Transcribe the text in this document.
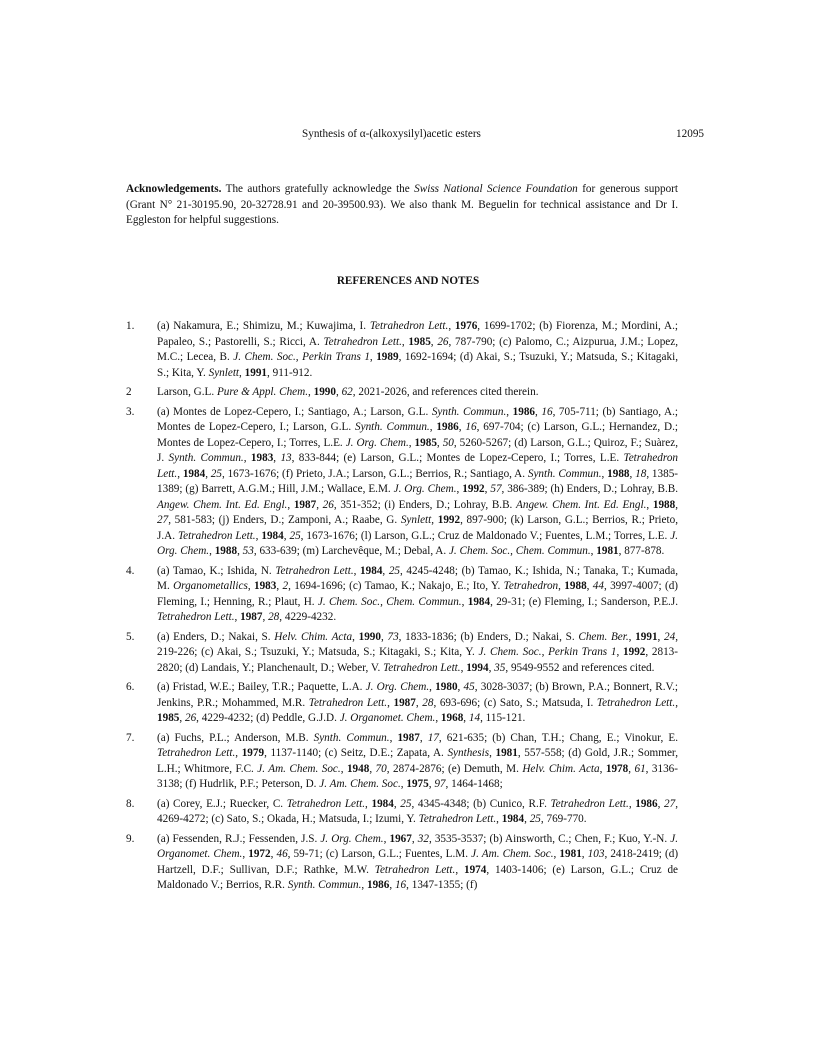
Synthesis of α-(alkoxysilyl)acetic esters	12095

Acknowledgements. The authors gratefully acknowledge the Swiss National Science Foundation for generous support (Grant N° 21-30195.90, 20-32728.91 and 20-39500.93). We also thank M. Beguelin for technical assistance and Dr I. Eggleston for helpful suggestions.

REFERENCES AND NOTES
1. (a) Nakamura, E.; Shimizu, M.; Kuwajima, I. Tetrahedron Lett., 1976, 1699-1702; (b) Fiorenza, M.; Mordini, A.; Papaleo, S.; Pastorelli, S.; Ricci, A. Tetrahedron Lett., 1985, 26, 787-790; (c) Palomo, C.; Aizpurua, J.M.; Lopez, M.C.; Lecea, B. J. Chem. Soc., Perkin Trans 1, 1989, 1692-1694; (d) Akai, S.; Tsuzuki, Y.; Matsuda, S.; Kitagaki, S.; Kita, Y. Synlett, 1991, 911-912.
2 Larson, G.L. Pure & Appl. Chem., 1990, 62, 2021-2026, and references cited therein.
3. (a) Montes de Lopez-Cepero, I.; Santiago, A.; Larson, G.L. Synth. Commun., 1986, 16, 705-711; (b) Santiago, A.; Montes de Lopez-Cepero, I.; Larson, G.L. Synth. Commun., 1986, 16, 697-704; (c) Larson, G.L.; Hernandez, D.; Montes de Lopez-Cepero, I.; Torres, L.E. J. Org. Chem., 1985, 50, 5260-5267; (d) Larson, G.L.; Quiroz, F.; Suàrez, J. Synth. Commun., 1983, 13, 833-844; (e) Larson, G.L.; Montes de Lopez-Cepero, I.; Torres, L.E. Tetrahedron Lett., 1984, 25, 1673-1676; (f) Prieto, J.A.; Larson, G.L.; Berrios, R.; Santiago, A. Synth. Commun., 1988, 18, 1385-1389; (g) Barrett, A.G.M.; Hill, J.M.; Wallace, E.M. J. Org. Chem., 1992, 57, 386-389; (h) Enders, D.; Lohray, B.B. Angew. Chem. Int. Ed. Engl., 1987, 26, 351-352; (i) Enders, D.; Lohray, B.B. Angew. Chem. Int. Ed. Engl., 1988, 27, 581-583; (j) Enders, D.; Zamponi, A.; Raabe, G. Synlett, 1992, 897-900; (k) Larson, G.L.; Berrios, R.; Prieto, J.A. Tetrahedron Lett., 1984, 25, 1673-1676; (l) Larson, G.L.; Cruz de Maldonado V.; Fuentes, L.M.; Torres, L.E. J. Org. Chem., 1988, 53, 633-639; (m) Larchevêque, M.; Debal, A. J. Chem. Soc., Chem. Commun., 1981, 877-878.
4. (a) Tamao, K.; Ishida, N. Tetrahedron Lett., 1984, 25, 4245-4248; (b) Tamao, K.; Ishida, N.; Tanaka, T.; Kumada, M. Organometallics, 1983, 2, 1694-1696; (c) Tamao, K.; Nakajo, E.; Ito, Y. Tetrahedron, 1988, 44, 3997-4007; (d) Fleming, I.; Henning, R.; Plaut, H. J. Chem. Soc., Chem. Commun., 1984, 29-31; (e) Fleming, I.; Sanderson, P.E.J. Tetrahedron Lett., 1987, 28, 4229-4232.
5. (a) Enders, D.; Nakai, S. Helv. Chim. Acta, 1990, 73, 1833-1836; (b) Enders, D.; Nakai, S. Chem. Ber., 1991, 24, 219-226; (c) Akai, S.; Tsuzuki, Y.; Matsuda, S.; Kitagaki, S.; Kita, Y. J. Chem. Soc., Perkin Trans 1, 1992, 2813-2820; (d) Landais, Y.; Planchenault, D.; Weber, V. Tetrahedron Lett., 1994, 35, 9549-9552 and references cited.
6. (a) Fristad, W.E.; Bailey, T.R.; Paquette, L.A. J. Org. Chem., 1980, 45, 3028-3037; (b) Brown, P.A.; Bonnert, R.V.; Jenkins, P.R.; Mohammed, M.R. Tetrahedron Lett., 1987, 28, 693-696; (c) Sato, S.; Matsuda, I. Tetrahedron Lett., 1985, 26, 4229-4232; (d) Peddle, G.J.D. J. Organomet. Chem., 1968, 14, 115-121.
7. (a) Fuchs, P.L.; Anderson, M.B. Synth. Commun., 1987, 17, 621-635; (b) Chan, T.H.; Chang, E.; Vinokur, E. Tetrahedron Lett., 1979, 1137-1140; (c) Seitz, D.E.; Zapata, A. Synthesis, 1981, 557-558; (d) Gold, J.R.; Sommer, L.H.; Whitmore, F.C. J. Am. Chem. Soc., 1948, 70, 2874-2876; (e) Demuth, M. Helv. Chim. Acta, 1978, 61, 3136-3138; (f) Hudrlik, P.F.; Peterson, D. J. Am. Chem. Soc., 1975, 97, 1464-1468;
8. (a) Corey, E.J.; Ruecker, C. Tetrahedron Lett., 1984, 25, 4345-4348; (b) Cunico, R.F. Tetrahedron Lett., 1986, 27, 4269-4272; (c) Sato, S.; Okada, H.; Matsuda, I.; Izumi, Y. Tetrahedron Lett., 1984, 25, 769-770.
9. (a) Fessenden, R.J.; Fessenden, J.S. J. Org. Chem., 1967, 32, 3535-3537; (b) Ainsworth, C.; Chen, F.; Kuo, Y.-N. J. Organomet. Chem., 1972, 46, 59-71; (c) Larson, G.L.; Fuentes, L.M. J. Am. Chem. Soc., 1981, 103, 2418-2419; (d) Hartzell, D.F.; Sullivan, D.F.; Rathke, M.W. Tetrahedron Lett., 1974, 1403-1406; (e) Larson, G.L.; Cruz de Maldonado V.; Berrios, R.R. Synth. Commun., 1986, 16, 1347-1355; (f)
